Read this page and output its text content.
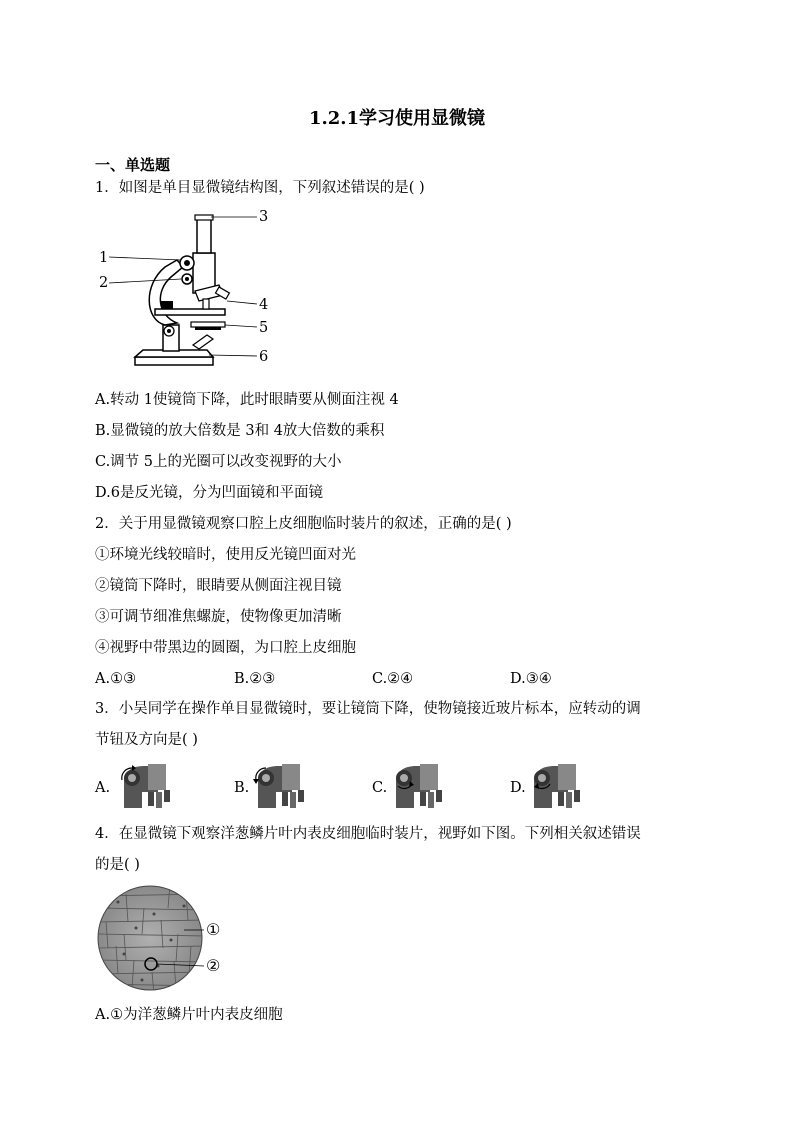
1.2.1学习使用显微镜
一、单选题
1．如图是单目显微镜结构图，下列叙述错误的是( )
1
2
3
4
5
6
A.转动 1使镜筒下降，此时眼睛要从侧面注视 4
B.显微镜的放大倍数是 3和 4放大倍数的乘积
C.调节 5上的光圈可以改变视野的大小
D.6是反光镜，分为凹面镜和平面镜
2．关于用显微镜观察口腔上皮细胞临时装片的叙述，正确的是( )
①环境光线较暗时，使用反光镜凹面对光
②镜筒下降时，眼睛要从侧面注视目镜
③可调节细准焦螺旋，使物像更加清晰
④视野中带黑边的圆圈，为口腔上皮细胞
A.①③	B.②③	C.②④	D.③④
3．小吴同学在操作单目显微镜时，要让镜筒下降，使物镜接近玻片标本，应转动的调
节钮及方向是( )
A.	B.	C.	D.
4．在显微镜下观察洋葱鳞片叶内表皮细胞临时装片，视野如下图。下列相关叙述错误
的是( )
①
②
A.①为洋葱鳞片叶内表皮细胞
